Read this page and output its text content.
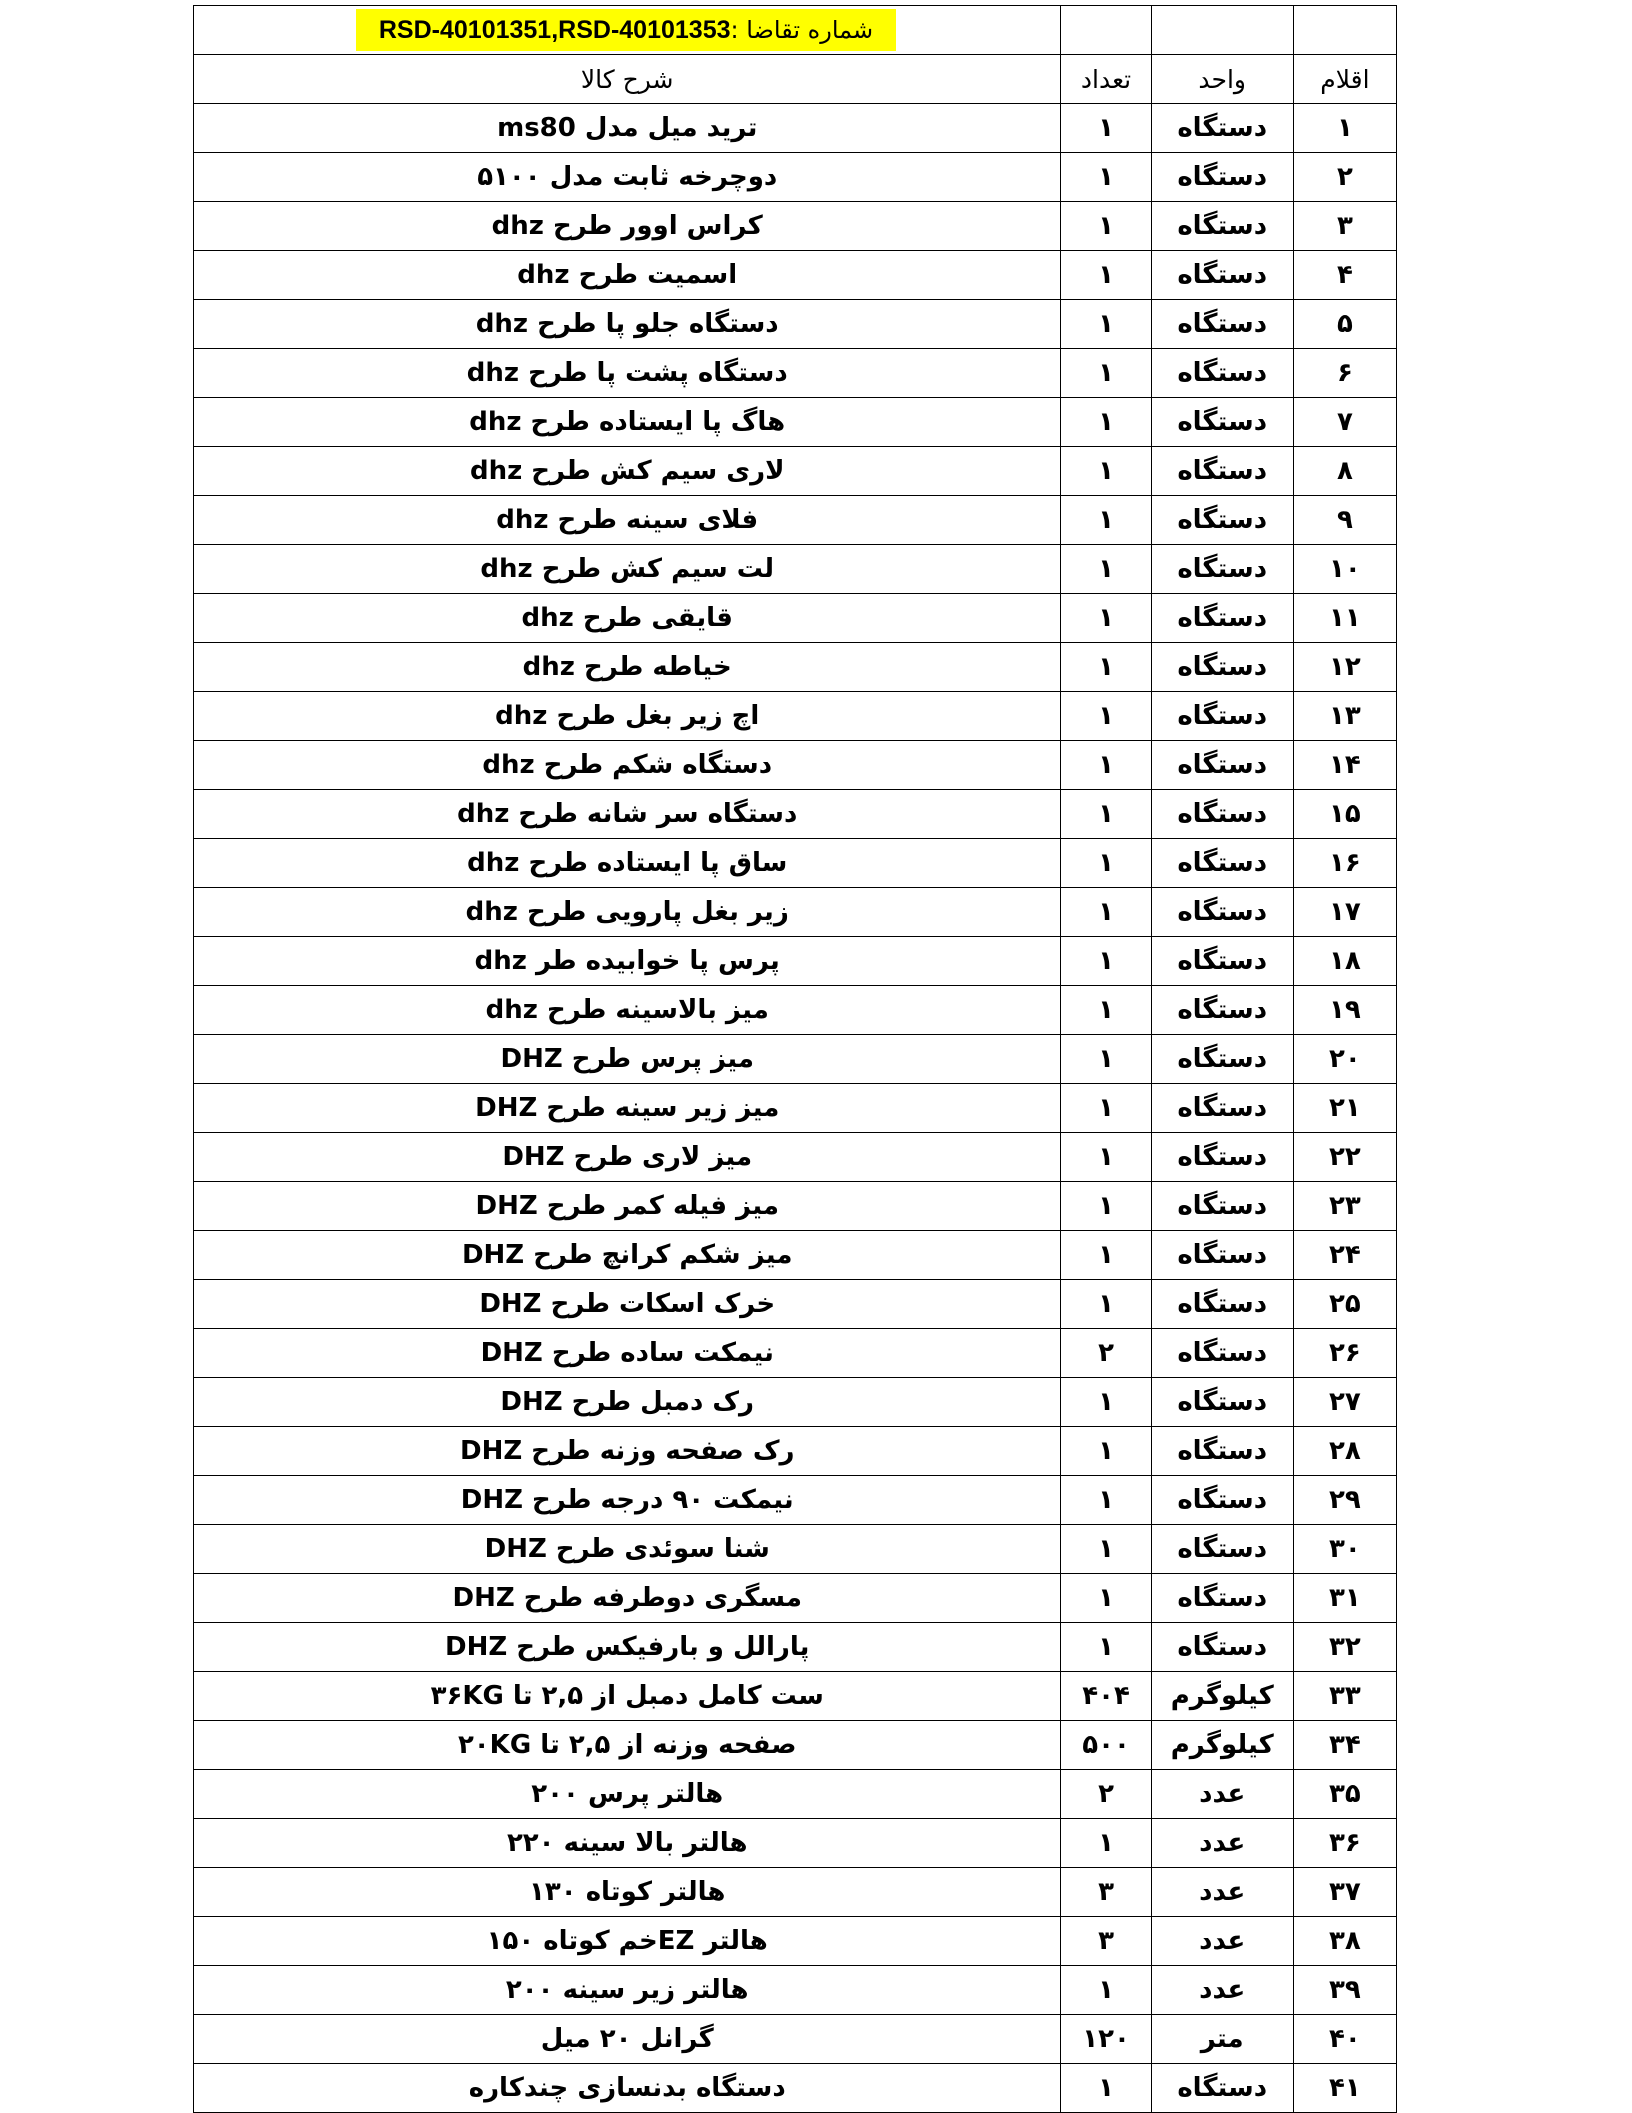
شماره تقاضا :
RSD-40101351,RSD-40101353			

شرح کالا	تعداد	واحد	اقلام
ترید میل مدل ms80	۱	دستگاه	۱
دوچرخه ثابت مدل ۵۱۰۰	۱	دستگاه	۲
کراس اوور طرح dhz	۱	دستگاه	۳
اسمیت طرح dhz	۱	دستگاه	۴
دستگاه جلو پا طرح dhz	۱	دستگاه	۵
دستگاه پشت پا طرح dhz	۱	دستگاه	۶
هاگ پا ایستاده طرح dhz	۱	دستگاه	۷
لاری سیم کش طرح dhz	۱	دستگاه	۸
فلای سینه طرح dhz	۱	دستگاه	۹
لت سیم کش طرح dhz	۱	دستگاه	۱۰
قایقی طرح dhz	۱	دستگاه	۱۱
خیاطه طرح dhz	۱	دستگاه	۱۲
اچ زیر بغل طرح dhz	۱	دستگاه	۱۳
دستگاه شکم طرح dhz	۱	دستگاه	۱۴
دستگاه سر شانه طرح dhz	۱	دستگاه	۱۵
ساق پا ایستاده طرح dhz	۱	دستگاه	۱۶
زیر بغل پارویی طرح dhz	۱	دستگاه	۱۷
پرس پا خوابیده طر dhz	۱	دستگاه	۱۸
میز بالاسینه طرح dhz	۱	دستگاه	۱۹
میز پرس طرح DHZ	۱	دستگاه	۲۰
میز زیر سینه طرح DHZ	۱	دستگاه	۲۱
میز لاری طرح DHZ	۱	دستگاه	۲۲
میز فیله کمر طرح DHZ	۱	دستگاه	۲۳
میز شکم کرانچ طرح DHZ	۱	دستگاه	۲۴
خرک اسکات طرح DHZ	۱	دستگاه	۲۵
نیمکت ساده طرح DHZ	۲	دستگاه	۲۶
رک دمبل طرح DHZ	۱	دستگاه	۲۷
رک صفحه وزنه طرح DHZ	۱	دستگاه	۲۸
نیمکت ۹۰ درجه طرح DHZ	۱	دستگاه	۲۹
شنا سوئدی طرح DHZ	۱	دستگاه	۳۰
مسگری دوطرفه طرح DHZ	۱	دستگاه	۳۱
پارالل و بارفیکس طرح DHZ	۱	دستگاه	۳۲
ست کامل دمبل از ۲,۵ تا ۳۶KG	۴۰۴	کیلوگرم	۳۳
صفحه وزنه از ۲,۵ تا ۲۰KG	۵۰۰	کیلوگرم	۳۴
هالتر پرس ۲۰۰	۲	عدد	۳۵
هالتر بالا سینه ۲۲۰	۱	عدد	۳۶
هالتر کوتاه ۱۳۰	۳	عدد	۳۷
هالتر EZخم کوتاه ۱۵۰	۳	عدد	۳۸
هالتر زیر سینه ۲۰۰	۱	عدد	۳۹
گرانل ۲۰ میل	۱۲۰	متر	۴۰
دستگاه بدنسازی چندکاره	۱	دستگاه	۴۱
